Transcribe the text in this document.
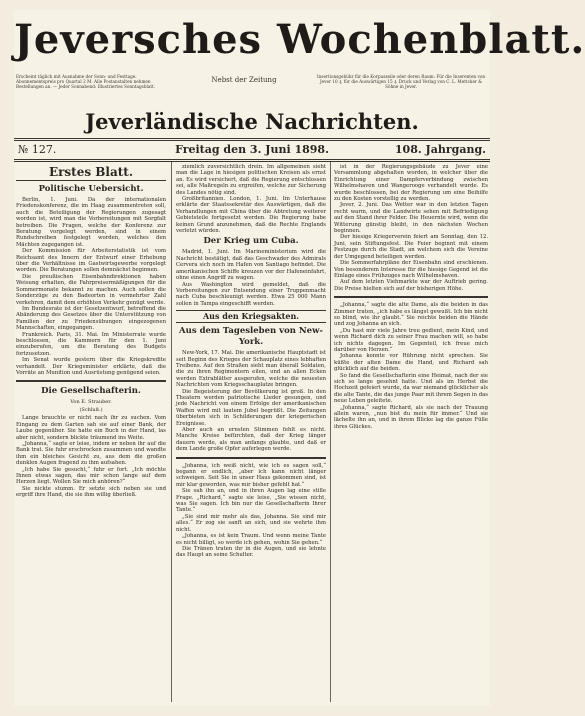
Jeversches Wochenblatt.
Erscheint täglich mit Ausnahme der Sonn- und Festtage. Abonnementspreis pro Quartal 2 M. Alle Postanstalten nehmen Bestellungen an. — Jeder Sonnabend: Illustriertes Sonntagsblatt.
Nebst der Zeitung	Insertionsgebühr für die Korpuszeile oder deren Raum: Für die Inserenten von Jever 10 ₰, für die Auswärtigen 15 ₰. Druck und Verlag von C. L. Mettcker & Söhne in Jever.
Jeverländische Nachrichten.
№ 127.	Freitag den 3. Juni 1898.	108. Jahrgang.
Erstes Blatt.
Politische Uebersicht.

Berlin, 1. Juni. Da der internationalen Friedenskonferenz, die im Haag zusammentreten soll, auch die Beteiligung der Regierungen zugesagt worden ist, wird man die Vorbereitungen mit Sorgfalt betreiben. Die Fragen, welche der Konferenz zur Beratung vorgelegt werden, sind in einem Rundschreiben festgelegt worden, welches den Mächten zugegangen ist.

Der Kommission für Arbeiterstatistik ist vom Reichsamt des Innern der Entwurf einer Erhebung über die Verhältnisse im Gastwirtsgewerbe vorgelegt worden. Die Beratungen sollen demnächst beginnen.

Die preußischen Eisenbahndirektionen haben Weisung erhalten, die Fahrpreisermäßigungen für die Sommermonate bekannt zu machen. Auch sollen die Sonderzüge zu den Badeorten in vermehrter Zahl verkehren, damit dem erhöhten Verkehr genügt werde.

Im Bundesrate ist der Gesetzentwurf, betreffend die Abänderung des Gesetzes über die Unterstützung von Familien der zu Friedensübungen eingezogenen Mannschaften, eingegangen.

Frankreich. Paris, 31. Mai. Im Ministerrate wurde beschlossen, die Kammern für den 1. Juni einzuberufen, um die Beratung des Budgets fortzusetzen.

Im Senat wurde gestern über die Kriegskredite verhandelt. Der Kriegsminister erklärte, daß die Vorräte an Munition und Ausrüstung genügend seien.

Die Gesellschafterin.
Von E. Strauber.
(Schluß.)

Lange brauchte er nicht nach ihr zu suchen. Vom Eingang zu dem Garten sah sie auf einer Bank, der Laube gegenüber. Sie hatte ein Buch in der Hand, las aber nicht, sondern blickte träumend ins Weite.

„Johanna,“ sagte er leise, indem er neben ihr auf die Bank trat. Sie fuhr erschrocken zusammen und wandte ihm ein bleiches Gesicht zu, aus dem die großen dunklen Augen fragend zu ihm aufsahen.

„Ich habe Sie gesucht,“ fuhr er fort. „Ich möchte Ihnen etwas sagen, das mir schon lange auf dem Herzen liegt. Wollen Sie mich anhören?“

Sie nickte stumm. Er setzte sich neben sie und ergriff ihre Hand, die sie ihm willig überließ.

ziemlich zuversichtlich drein. Im allgemeinen sieht man die Lage in hiesigen politischen Kreisen als ernst an. Es wird versichert, daß die Regierung entschlossen sei, alle Maßregeln zu ergreifen, welche zur Sicherung des Landes nötig sind.

Großbritannien. London, 1. Juni. Im Unterhause erklärte der Staatssekretär des Auswärtigen, daß die Verhandlungen mit China über die Abtretung weiterer Gebietsteile fortgesetzt werden. Die Regierung habe keinen Grund anzunehmen, daß die Rechte Englands verletzt würden.

Der Krieg um Cuba.

Madrid, 1. Juni. Im Marineministerium wird die Nachricht bestätigt, daß das Geschwader des Admirals Cervera sich noch im Hafen von Santiago befindet. Die amerikanischen Schiffe kreuzen vor der Hafeneinfahrt, ohne einen Angriff zu wagen.

Aus Washington wird gemeldet, daß die Vorbereitungen zur Entsendung einer Truppenmacht nach Cuba beschleunigt werden. Etwa 25 000 Mann sollen in Tampa eingeschifft werden.

Aus den Kriegsakten.
Aus dem Tagesleben von New-York.

New-York, 17. Mai. Die amerikanische Hauptstadt ist seit Beginn des Krieges der Schauplatz eines lebhaften Treibens. Auf den Straßen sieht man überall Soldaten, die zu ihren Regimentern eilen, und an allen Ecken werden Extrablätter ausgerufen, welche die neuesten Nachrichten vom Kriegsschauplatze bringen.

Die Begeisterung der Bevölkerung ist groß. In den Theatern werden patriotische Lieder gesungen, und jede Nachricht von einem Erfolge der amerikanischen Waffen wird mit lautem Jubel begrüßt. Die Zeitungen überbieten sich in Schilderungen der kriegerischen Ereignisse.

Aber auch an ernsten Stimmen fehlt es nicht. Manche Kreise befürchten, daß der Krieg länger dauern werde, als man anfangs glaubte, und daß er dem Lande große Opfer auferlegen werde.

„Johanna, ich weiß nicht, wie ich es sagen soll,“ begann er endlich, „aber ich kann nicht länger schweigen. Seit Sie in unser Haus gekommen sind, ist mir klar geworden, was mir bisher gefehlt hat.“

Sie sah ihn an, und in ihren Augen lag eine stille Frage. „Richard,“ sagte sie leise, „Sie wissen nicht, was Sie sagen. Ich bin nur die Gesellschafterin Ihrer Tante.“

„Sie sind mir mehr als das, Johanna. Sie sind mir alles.“ Er zog sie sanft an sich, und sie wehrte ihm nicht.

„Johanna, es ist kein Traum. Und wenn meine Tante es nicht billigt, so werde ich gehen, wohin Sie gehen.“

Die Tränen traten ihr in die Augen, und sie lehnte das Haupt an seine Schulter.

ist in der Regierungsgebäude zu Jever eine Versammlung abgehalten worden, in welcher über die Einrichtung einer Dampferverbindung zwischen Wilhelmshaven und Wangerooge verhandelt wurde. Es wurde beschlossen, bei der Regierung um eine Beihilfe zu den Kosten vorstellig zu werden.

Jever, 2. Juni. Das Wetter war in den letzten Tagen recht warm, und die Landwirte sehen mit Befriedigung auf den Stand ihrer Felder. Die Heuernte wird, wenn die Witterung günstig bleibt, in den nächsten Wochen beginnen.

Der hiesige Kriegerverein feiert am Sonntag, den 12. Juni, sein Stiftungsfest. Die Feier beginnt mit einem Festzuge durch die Stadt, an welchem sich die Vereine der Umgegend beteiligen werden.

Die Sommerfahrpläne der Eisenbahn sind erschienen. Von besonderem Interesse für die hiesige Gegend ist die Einlage eines Frühzuges nach Wilhelmshaven.

Auf dem letzten Viehmarkte war der Auftrieb gering. Die Preise hielten sich auf der bisherigen Höhe.

„Johanna,“ sagte die alte Dame, als die beiden in das Zimmer traten, „ich habe es längst gewußt. Ich bin nicht so blind, wie ihr glaubt.“ Sie reichte beiden die Hände und zog Johanna an sich.

„Du hast mir viele Jahre treu gedient, mein Kind, und wenn Richard dich zu seiner Frau machen will, so habe ich nichts dagegen. Im Gegenteil, ich freue mich darüber von Herzen.“

Johanna konnte vor Rührung nicht sprechen. Sie küßte der alten Dame die Hand, und Richard sah glücklich auf die beiden.

So fand die Gesellschafterin eine Heimat, nach der sie sich so lange gesehnt hatte. Und als im Herbst die Hochzeit gefeiert wurde, da war niemand glücklicher als die alte Tante, die das junge Paar mit ihrem Segen in das neue Leben geleitete.

„Johanna,“ sagte Richard, als sie nach der Trauung allein waren, „nun bist du mein für immer.“ Und sie lächelte ihn an, und in ihrem Blicke lag die ganze Fülle ihres Glückes.
